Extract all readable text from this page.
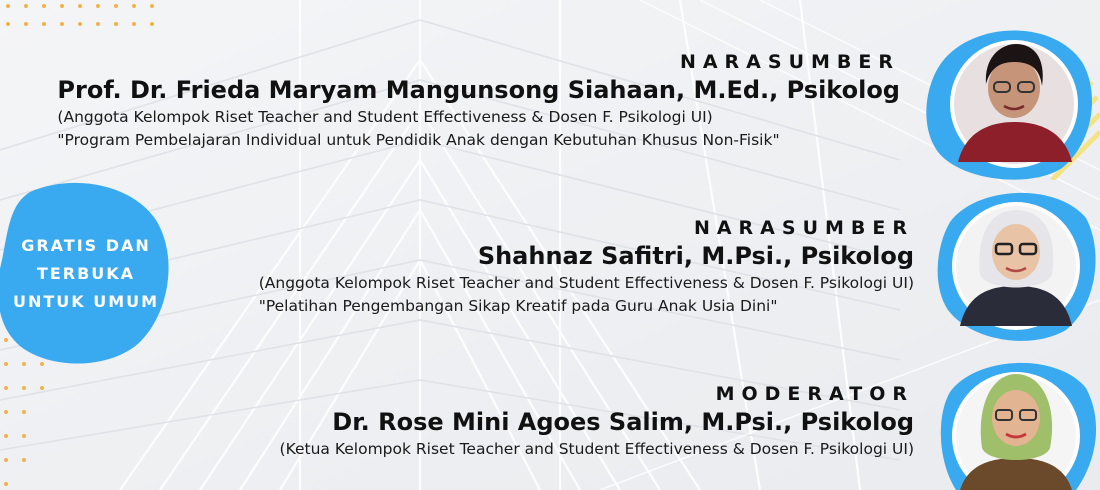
GRATIS DAN
TERBUKA
UNTUK UMUM
NARASUMBER
Prof. Dr. Frieda Maryam Mangunsong Siahaan, M.Ed., Psikolog
(Anggota Kelompok Riset Teacher and Student Effectiveness & Dosen F. Psikologi UI)
"Program Pembelajaran Individual untuk Pendidik Anak dengan Kebutuhan Khusus Non-Fisik"
NARASUMBER
Shahnaz Safitri, M.Psi., Psikolog
(Anggota Kelompok Riset Teacher and Student Effectiveness & Dosen F. Psikologi UI)
"Pelatihan Pengembangan Sikap Kreatif pada Guru Anak Usia Dini"
MODERATOR
Dr. Rose Mini Agoes Salim, M.Psi., Psikolog
(Ketua Kelompok Riset Teacher and Student Effectiveness & Dosen F. Psikologi UI)
